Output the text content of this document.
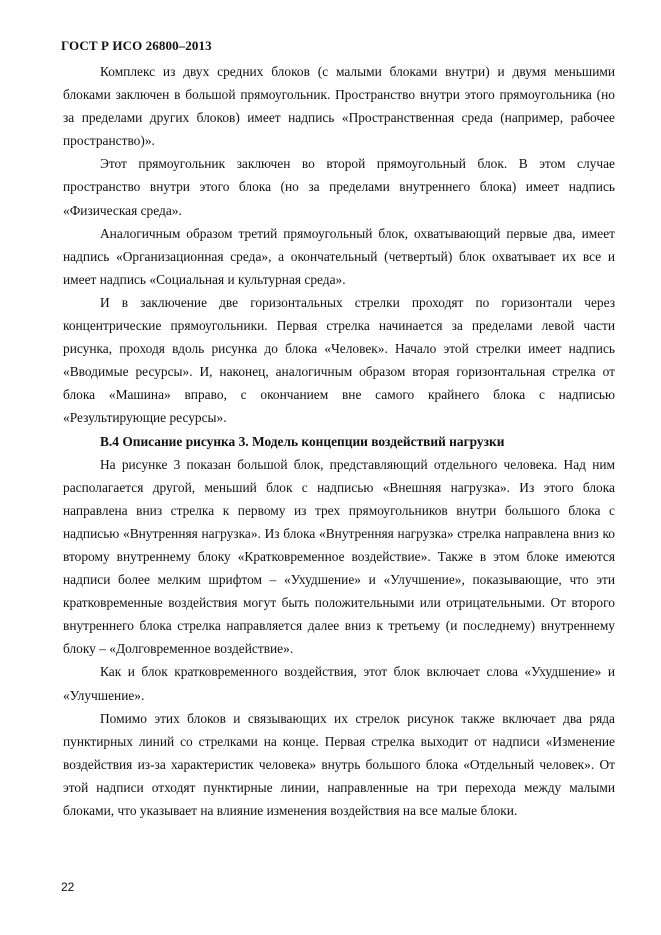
ГОСТ Р ИСО 26800–2013

Комплекс из двух средних блоков (с малыми блоками внутри) и двумя меньшими блоками заключен в большой прямоугольник. Пространство внутри этого прямоугольника (но за пределами других блоков) имеет надпись «Пространственная среда (например, рабочее пространство)».

Этот прямоугольник заключен во второй прямоугольный блок. В этом случае пространство внутри этого блока (но за пределами внутреннего блока) имеет надпись «Физическая среда».

Аналогичным образом третий прямоугольный блок, охватывающий первые два, имеет надпись «Организационная среда», а окончательный (четвертый) блок охватывает их все и имеет надпись «Социальная и культурная среда».

И в заключение две горизонтальных стрелки проходят по горизонтали через концентрические прямоугольники. Первая стрелка начинается за пределами левой части рисунка, проходя вдоль рисунка до блока «Человек». Начало этой стрелки имеет надпись «Вводимые ресурсы». И, наконец, аналогичным образом вторая горизонтальная стрелка от блока «Машина» вправо, с окончанием вне самого крайнего блока с надписью «Результирующие ресурсы».

В.4 Описание рисунка 3. Модель концепции воздействий нагрузки

На рисунке 3 показан большой блок, представляющий отдельного человека. Над ним располагается другой, меньший блок с надписью «Внешняя нагрузка». Из этого блока направлена вниз стрелка к первому из трех прямоугольников внутри большого блока с надписью «Внутренняя нагрузка». Из блока «Внутренняя нагрузка» стрелка направлена вниз ко второму внутреннему блоку «Кратковременное воздействие». Также в этом блоке имеются надписи более мелким шрифтом – «Ухудшение» и «Улучшение», показывающие, что эти кратковременные воздействия могут быть положительными или отрицательными. От второго внутреннего блока стрелка направляется далее вниз к третьему (и последнему) внутреннему блоку – «Долговременное воздействие».

Как и блок кратковременного воздействия, этот блок включает слова «Ухудшение» и «Улучшение».

Помимо этих блоков и связывающих их стрелок рисунок также включает два ряда пунктирных линий со стрелками на конце. Первая стрелка выходит от надписи «Изменение воздействия из-за характеристик человека» внутрь большого блока «Отдельный человек». От этой надписи отходят пунктирные линии, направленные на три перехода между малыми блоками, что указывает на влияние изменения воздействия на все малые блоки.

22
